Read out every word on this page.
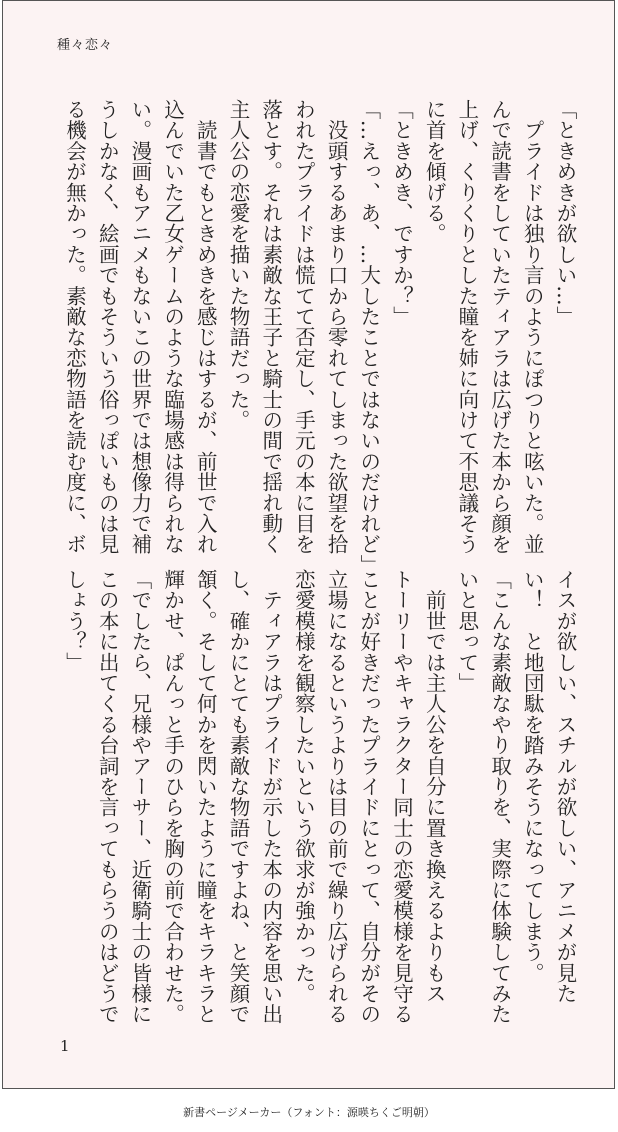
種々恋々
「ときめきが欲しい…」
　プライドは独り言のようにぽつりと呟いた。並
んで読書をしていたティアラは広げた本から顔を
上げ、くりくりとした瞳を姉に向けて不思議そう
に首を傾げる。
「ときめき、ですか？」
「…えっ、あ、…大したことではないのだけれど」
　没頭するあまり口から零れてしまった欲望を拾
われたプライドは慌てて否定し、手元の本に目を
落とす。それは素敵な王子と騎士の間で揺れ動く
主人公の恋愛を描いた物語だった。
　読書でもときめきを感じはするが、前世で入れ
込んでいた乙女ゲームのような臨場感は得られな
い。漫画もアニメもないこの世界では想像力で補
うしかなく、絵画でもそういう俗っぽいものは見
る機会が無かった。素敵な恋物語を読む度に、ボ
イスが欲しい、スチルが欲しい、アニメが見た
い！　と地団駄を踏みそうになってしまう。
「こんな素敵なやり取りを、実際に体験してみた
いと思って」
　前世では主人公を自分に置き換えるよりもス
トーリーやキャラクター同士の恋愛模様を見守る
ことが好きだったプライドにとって、自分がその
立場になるというよりは目の前で繰り広げられる
恋愛模様を観察したいという欲求が強かった。
　ティアラはプライドが示した本の内容を思い出
し、確かにとても素敵な物語ですよね、と笑顔で
頷く。そして何かを閃いたように瞳をキラキラと
輝かせ、ぱんっと手のひらを胸の前で合わせた。
「でしたら、兄様やアーサー、近衛騎士の皆様に
この本に出てくる台詞を言ってもらうのはどうで
しょう？」
1
新書ページメーカー（フォント：源暎ちくご明朝）
